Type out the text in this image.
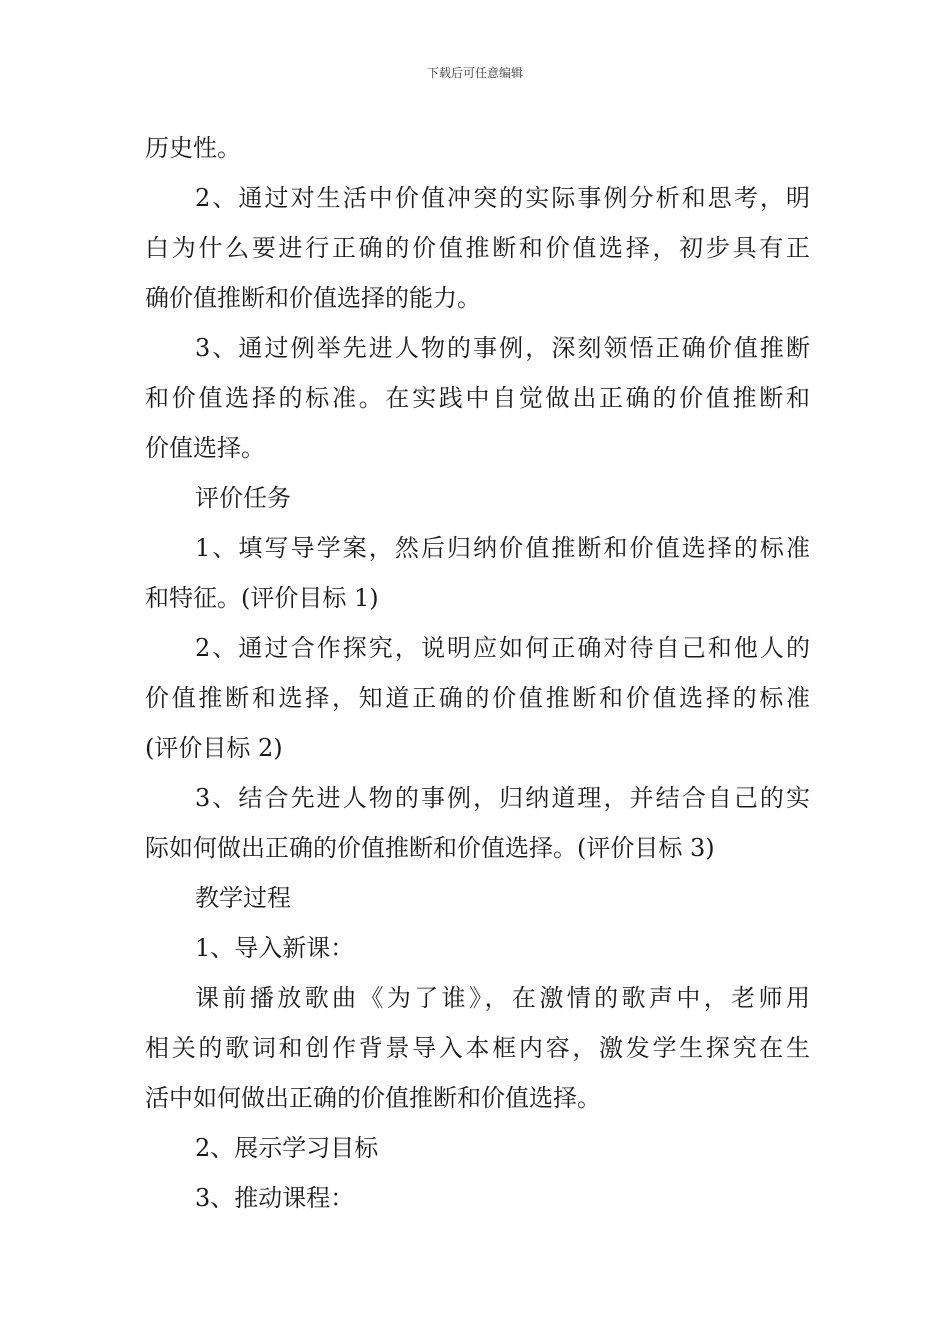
下载后可任意编辑
历史性。
2、通过对生活中价值冲突的实际事例分析和思考，明
白为什么要进行正确的价值推断和价值选择，初步具有正
确价值推断和价值选择的能力。
3、通过例举先进人物的事例，深刻领悟正确价值推断
和价值选择的标准。在实践中自觉做出正确的价值推断和
价值选择。
评价任务
1、填写导学案，然后归纳价值推断和价值选择的标准
和特征。(评价目标 1)
2、通过合作探究，说明应如何正确对待自己和他人的
价值推断和选择，知道正确的价值推断和价值选择的标准
(评价目标 2)
3、结合先进人物的事例，归纳道理，并结合自己的实
际如何做出正确的价值推断和价值选择。(评价目标 3)
教学过程
1、导入新课：
课前播放歌曲《为了谁》，在激情的歌声中，老师用
相关的歌词和创作背景导入本框内容，激发学生探究在生
活中如何做出正确的价值推断和价值选择。
2、展示学习目标
3、推动课程：
